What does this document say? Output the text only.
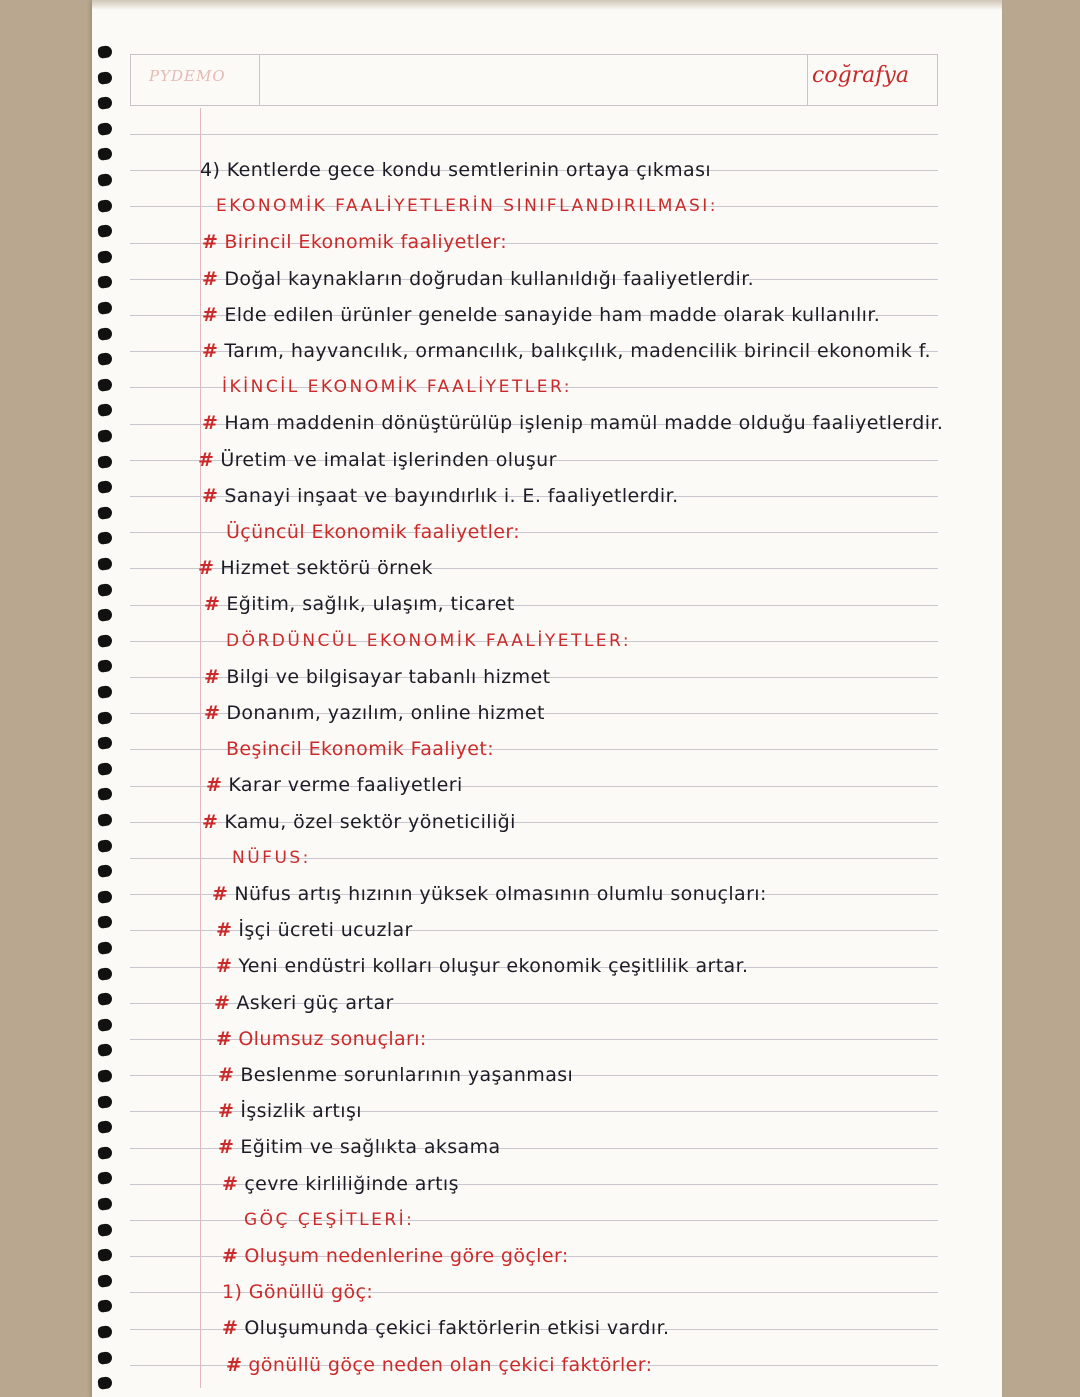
PYDEMO	coğrafya
4) Kentlerde gece kondu semtlerinin ortaya çıkması
EKONOMİK FAALİYETLERİN SINIFLANDIRILMASI:
# Birincil Ekonomik faaliyetler:
# Doğal kaynakların doğrudan kullanıldığı faaliyetlerdir.
# Elde edilen ürünler genelde sanayide ham madde olarak kullanılır.
# Tarım, hayvancılık, ormancılık, balıkçılık, madencilik birincil ekonomik f.
İKİNCİL EKONOMİK FAALİYETLER:
# Ham maddenin dönüştürülüp işlenip mamül madde olduğu faaliyetlerdir.
# Üretim ve imalat işlerinden oluşur
# Sanayi inşaat ve bayındırlık i. E. faaliyetlerdir.
Üçüncül Ekonomik faaliyetler:
# Hizmet sektörü örnek
# Eğitim, sağlık, ulaşım, ticaret
DÖRDÜNCÜL EKONOMİK FAALİYETLER:
# Bilgi ve bilgisayar tabanlı hizmet
# Donanım, yazılım, online hizmet
Beşincil Ekonomik Faaliyet:
# Karar verme faaliyetleri
# Kamu, özel sektör yöneticiliği
NÜFUS:
# Nüfus artış hızının yüksek olmasının olumlu sonuçları:
# İşçi ücreti ucuzlar
# Yeni endüstri kolları oluşur ekonomik çeşitlilik artar.
# Askeri güç artar
# Olumsuz sonuçları:
# Beslenme sorunlarının yaşanması
# İşsizlik artışı
# Eğitim ve sağlıkta aksama
# çevre kirliliğinde artış
GÖÇ ÇEŞİTLERİ:
# Oluşum nedenlerine göre göçler:
1) Gönüllü göç:
# Oluşumunda çekici faktörlerin etkisi vardır.
# gönüllü göçe neden olan çekici faktörler:
